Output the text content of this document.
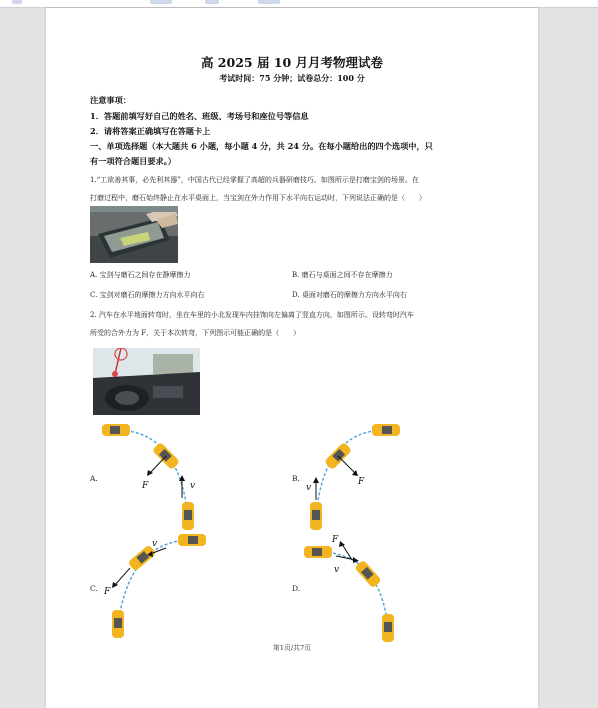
高 2025 届 10 月月考物理试卷
考试时间：75 分钟；试卷总分：100 分
注意事项：
1．答题前填写好自己的姓名、班级、考场号和座位号等信息
2．请将答案正确填写在答题卡上
一、单项选择题（本大题共 6 小题，每小题 4 分，共 24 分。在每小题给出的四个选项中，只
有一项符合题目要求。）
1.“工欲善其事，必先利其器”，中国古代已经掌握了高超的兵器研磨技巧。如图所示是打磨宝剑的场景。在
打磨过程中，磨石始终静止在水平桌面上，当宝剑在外力作用下水平向右运动时，下列说法正确的是（　　）
A. 宝剑与磨石之间存在静摩擦力	B. 磨石与桌面之间不存在摩擦力
C. 宝剑对磨石的摩擦力方向水平向右	D. 桌面对磨石的摩擦力方向水平向右
2. 汽车在水平地面转弯时，坐在车里的小北发现车内挂饰向左偏离了竖直方向，如图所示。设转弯时汽车
所受的合外力为 F，关于本次转弯，下列图示可能正确的是（　　）
A.
F	v
B.	F
v
C. F
v
D.
F
v
第1页/共7页
